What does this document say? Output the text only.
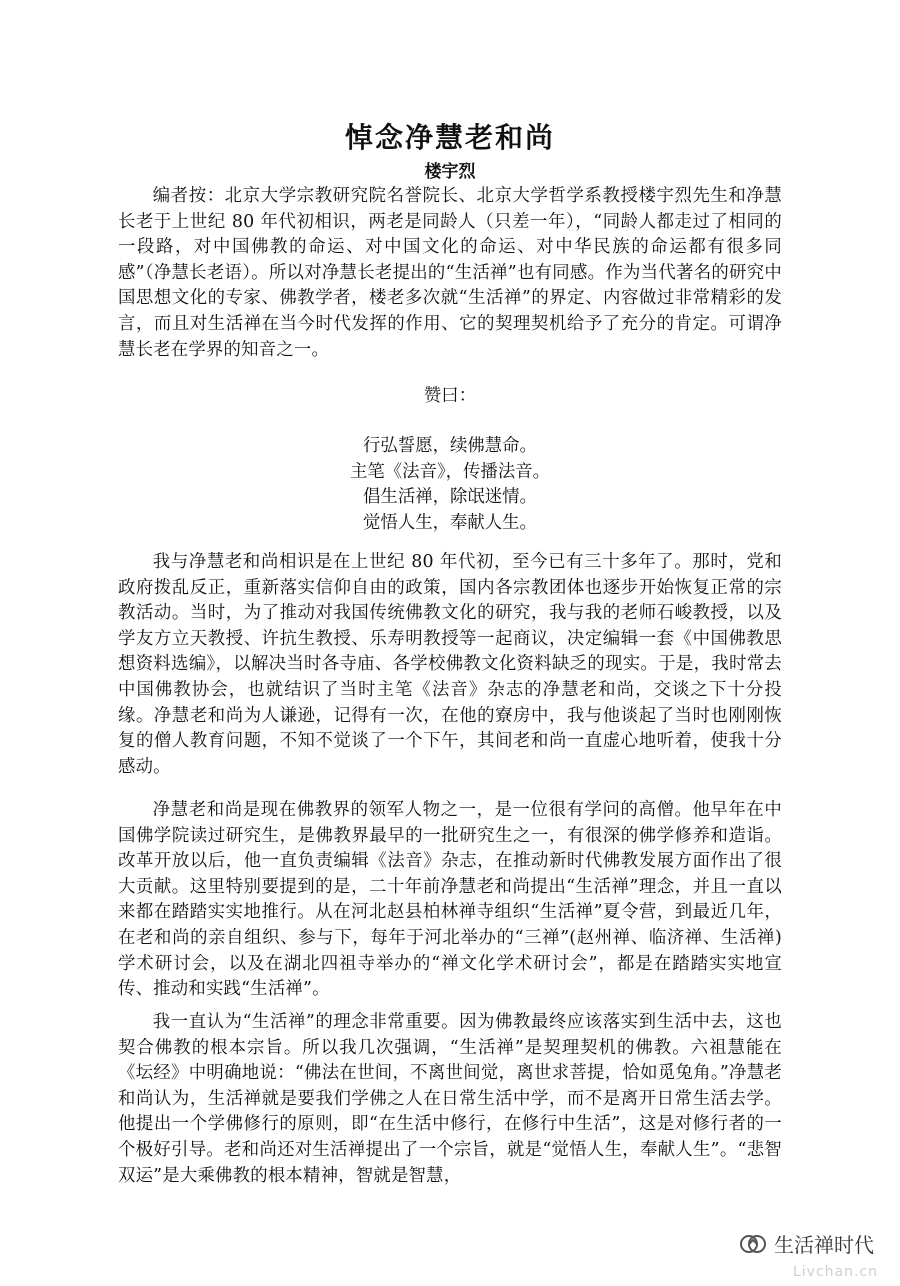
悼念净慧老和尚
楼宇烈

编者按：北京大学宗教研究院名誉院长、北京大学哲学系教授楼宇烈先生和净慧长老于上世纪 80 年代初相识，两老是同龄人（只差一年），“同龄人都走过了相同的一段路，对中国佛教的命运、对中国文化的命运、对中华民族的命运都有很多同感”（净慧长老语）。所以对净慧长老提出的“生活禅”也有同感。作为当代著名的研究中国思想文化的专家、佛教学者，楼老多次就“生活禅”的界定、内容做过非常精彩的发言，而且对生活禅在当今时代发挥的作用、它的契理契机给予了充分的肯定。可谓净慧长老在学界的知音之一。

赞曰：
行弘誓愿，续佛慧命。
主笔《法音》，传播法音。
倡生活禅，除氓迷情。
觉悟人生，奉献人生。

我与净慧老和尚相识是在上世纪 80 年代初，至今已有三十多年了。那时，党和政府拨乱反正，重新落实信仰自由的政策，国内各宗教团体也逐步开始恢复正常的宗教活动。当时，为了推动对我国传统佛教文化的研究，我与我的老师石峻教授，以及学友方立天教授、许抗生教授、乐寿明教授等一起商议，决定编辑一套《中国佛教思想资料选编》，以解决当时各寺庙、各学校佛教文化资料缺乏的现实。于是，我时常去中国佛教协会，也就结识了当时主笔《法音》杂志的净慧老和尚，交谈之下十分投缘。净慧老和尚为人谦逊，记得有一次，在他的寮房中，我与他谈起了当时也刚刚恢复的僧人教育问题，不知不觉谈了一个下午，其间老和尚一直虚心地听着，使我十分感动。

净慧老和尚是现在佛教界的领军人物之一，是一位很有学问的高僧。他早年在中国佛学院读过研究生，是佛教界最早的一批研究生之一，有很深的佛学修养和造诣。改革开放以后，他一直负责编辑《法音》杂志，在推动新时代佛教发展方面作出了很大贡献。这里特别要提到的是，二十年前净慧老和尚提出“生活禅”理念，并且一直以来都在踏踏实实地推行。从在河北赵县柏林禅寺组织“生活禅”夏令营，到最近几年，在老和尚的亲自组织、参与下，每年于河北举办的“三禅”(赵州禅、临济禅、生活禅)学术研讨会，以及在湖北四祖寺举办的“禅文化学术研讨会”，都是在踏踏实实地宣传、推动和实践“生活禅”。

我一直认为“生活禅”的理念非常重要。因为佛教最终应该落实到生活中去，这也契合佛教的根本宗旨。所以我几次强调，“生活禅”是契理契机的佛教。六祖慧能在《坛经》中明确地说：“佛法在世间，不离世间觉，离世求菩提，恰如觅兔角。”净慧老和尚认为，生活禅就是要我们学佛之人在日常生活中学，而不是离开日常生活去学。他提出一个学佛修行的原则，即“在生活中修行，在修行中生活”，这是对修行者的一个极好引导。老和尚还对生活禅提出了一个宗旨，就是“觉悟人生，奉献人生”。“悲智双运”是大乘佛教的根本精神，智就是智慧，

生活禅时代
Livchan.cn
